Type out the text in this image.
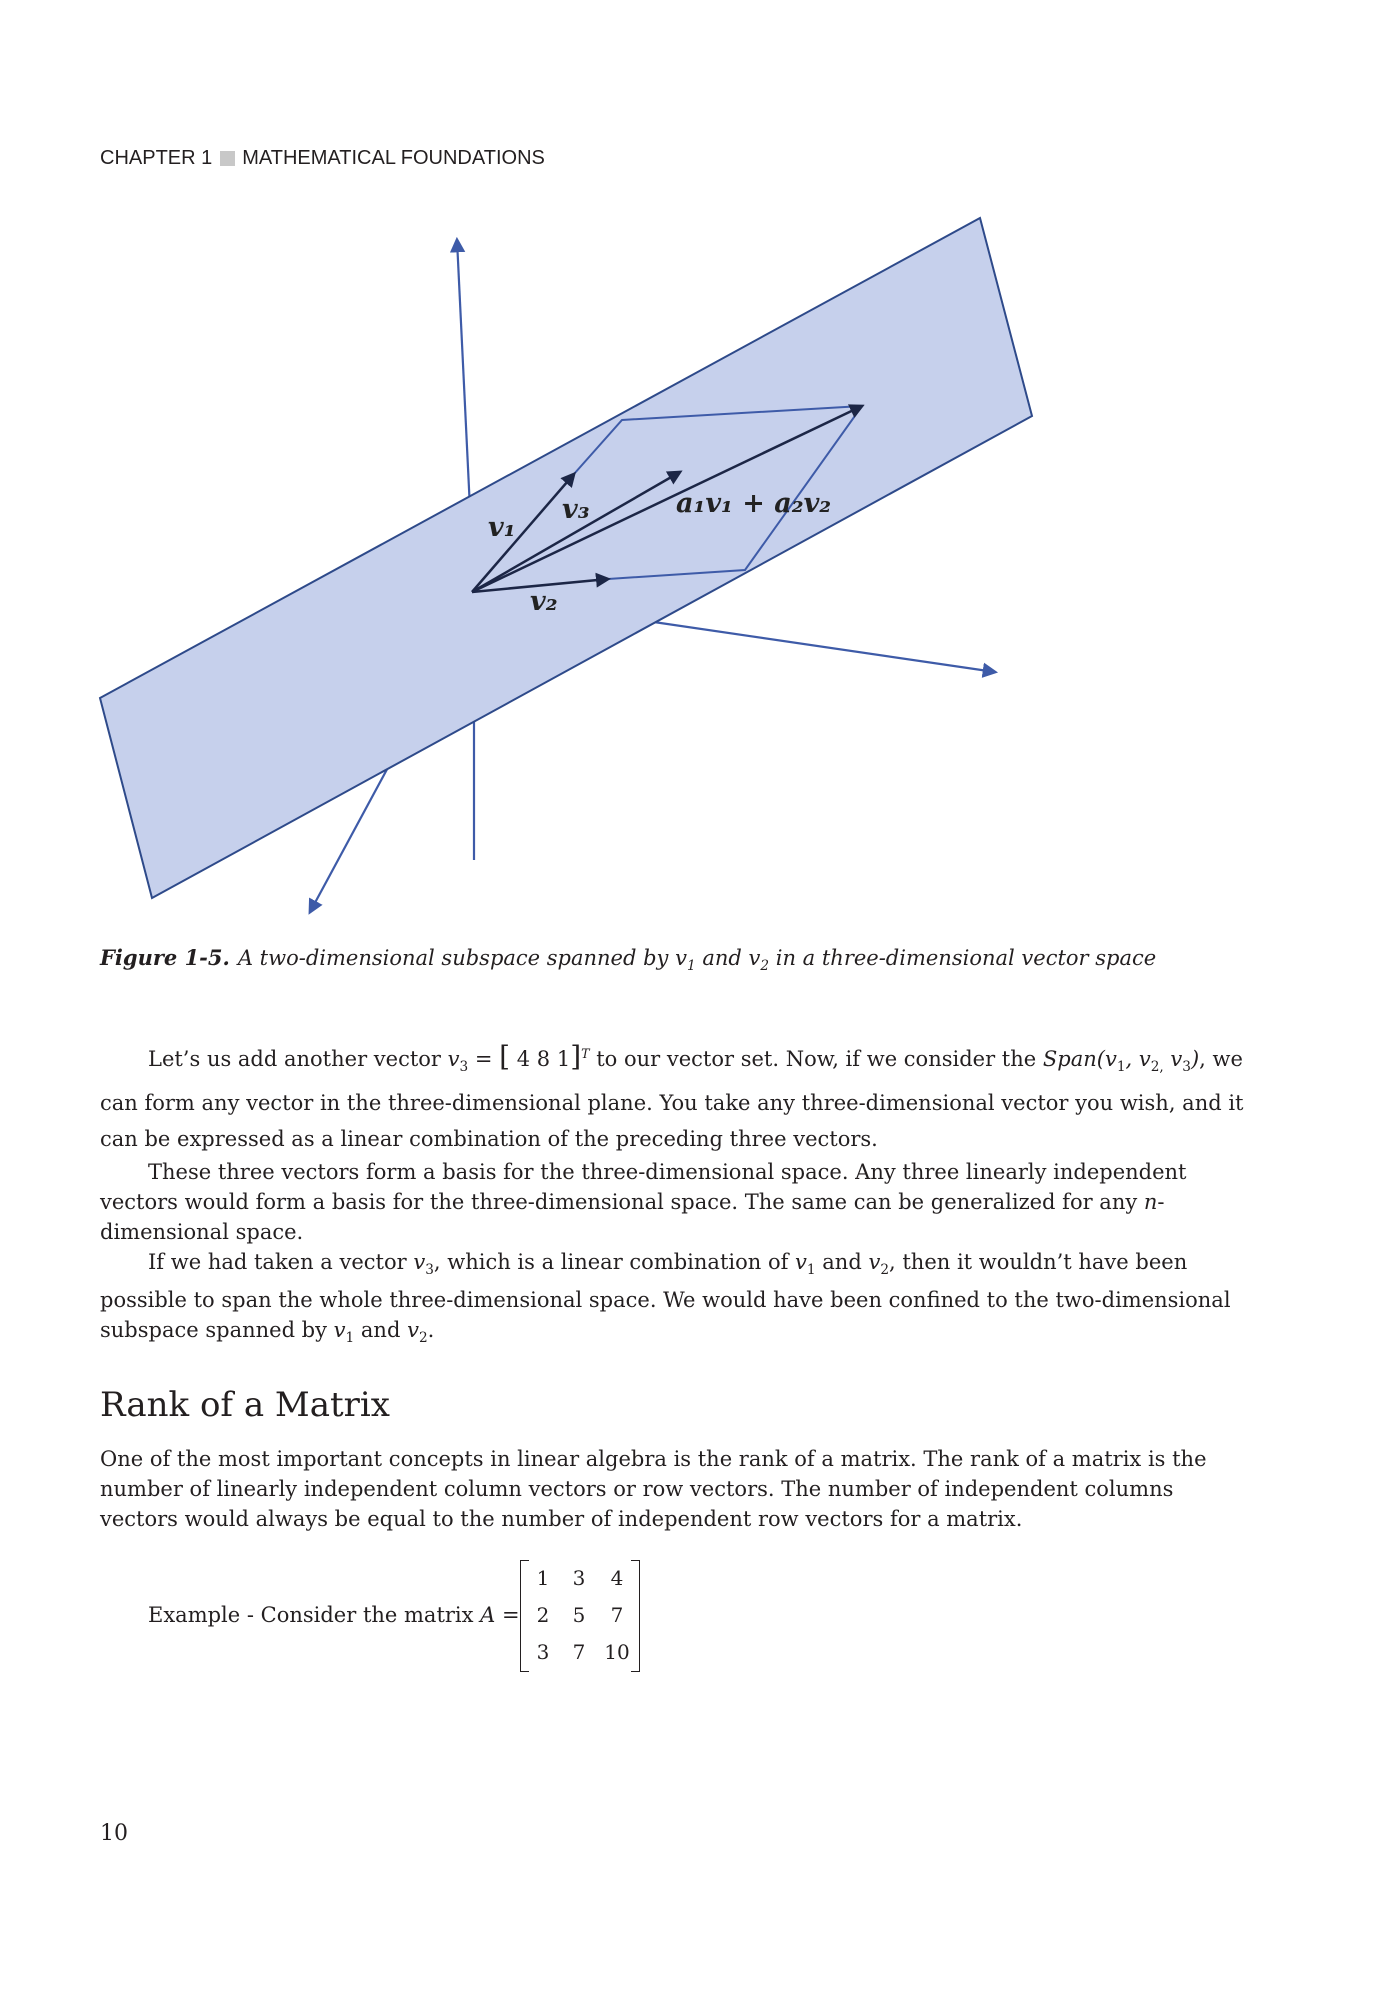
CHAPTER 1 MATHEMATICAL FOUNDATIONS
v₁
v₃
v₂
a₁v₁ + a₂v₂
Figure 1-5. A two-dimensional subspace spanned by $v_1$ and $v_2$ in a three-dimensional vector space

Let’s us add another vector $v_3$ = [ 4 8 1]$^T$ to our vector set. Now, if we consider the $Span(v_1$, $v_{2,}$ $v_3$), we can form any vector in the three-dimensional plane. You take any three-dimensional vector you wish, and it can be expressed as a linear combination of the preceding three vectors.

These three vectors form a basis for the three-dimensional space. Any three linearly independent vectors would form a basis for the three-dimensional space. The same can be generalized for any n-dimensional space.

If we had taken a vector $v_3$, which is a linear combination of $v_1$ and $v_2$, then it wouldn’t have been possible to span the whole three-dimensional space. We would have been confined to the two-dimensional subspace spanned by $v_1$ and $v_2$.

Rank of a Matrix

One of the most important concepts in linear algebra is the rank of a matrix. The rank of a matrix is the number of linearly independent column vectors or row vectors. The number of independent columns vectors would always be equal to the number of independent row vectors for a matrix.

Example - Consider the matrix A =
1	3	4
2	5	7
3	7 10
10
